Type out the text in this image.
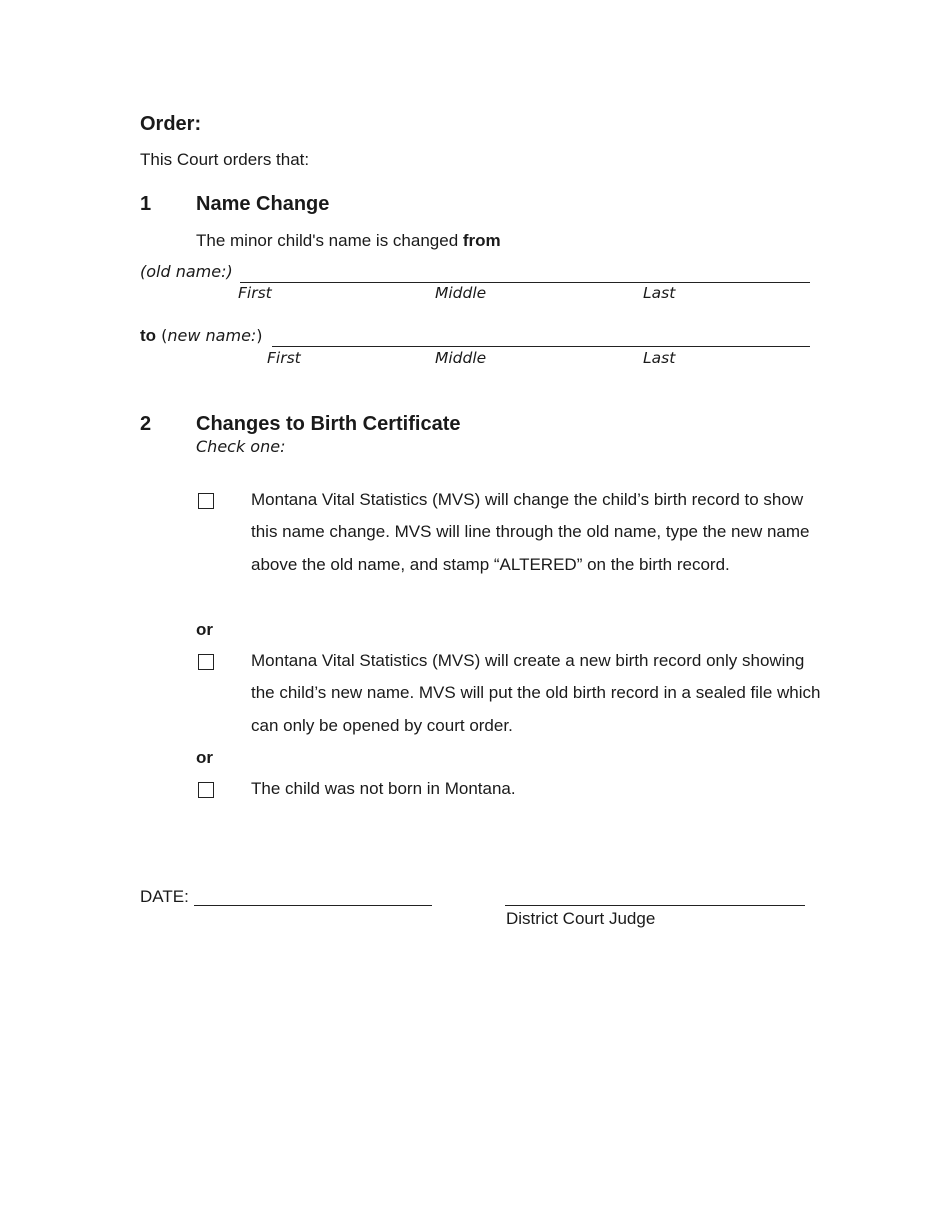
Order:
This Court orders that:
1 Name Change
The minor child's name is changed from
(old name:)
First	Middle	Last
to (new name:)
First	Middle	Last
2 Changes to Birth Certificate
Check one:
Montana Vital Statistics (MVS) will change the child’s birth record to show this name change. MVS will line through the old name, type the new name above the old name, and stamp “ALTERED” on the birth record.
or
Montana Vital Statistics (MVS) will create a new birth record only showing the child’s new name. MVS will put the old birth record in a sealed file which can only be opened by court order.
or
The child was not born in Montana.
DATE:
District Court Judge
